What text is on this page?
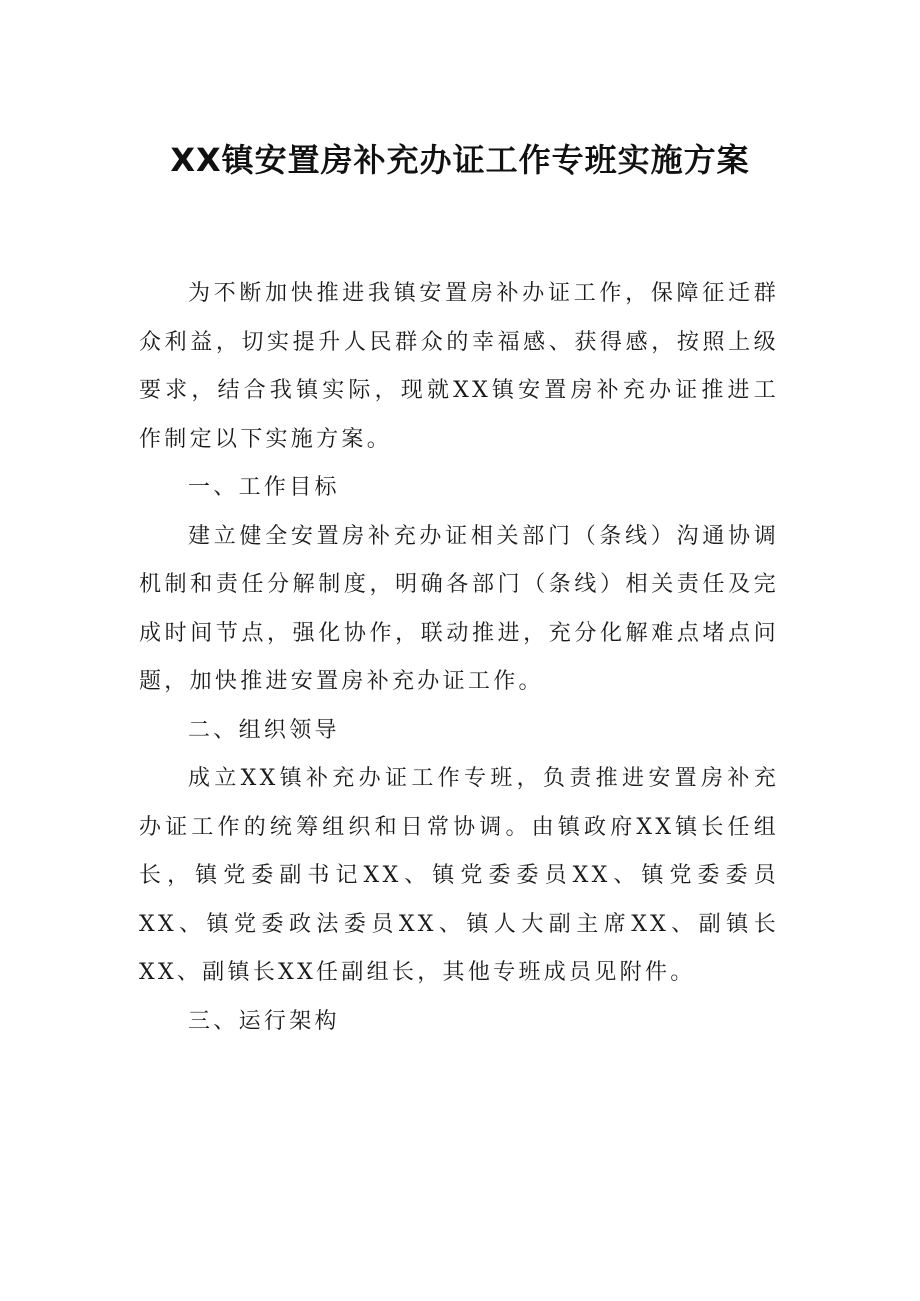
XX镇安置房补充办证工作专班实施方案

为不断加快推进我镇安置房补办证工作，保障征迁群众利益，切实提升人民群众的幸福感、获得感，按照上级要求，结合我镇实际，现就XX镇安置房补充办证推进工作制定以下实施方案。

一、工作目标

建立健全安置房补充办证相关部门（条线）沟通协调机制和责任分解制度，明确各部门（条线）相关责任及完成时间节点，强化协作，联动推进，充分化解难点堵点问题，加快推进安置房补充办证工作。

二、组织领导

成立XX镇补充办证工作专班，负责推进安置房补充办证工作的统筹组织和日常协调。由镇政府XX镇长任组长，镇党委副书记XX、镇党委委员XX、镇党委委员XX、镇党委政法委员XX、镇人大副主席XX、副镇长XX、副镇长XX任副组长，其他专班成员见附件。

三、运行架构
